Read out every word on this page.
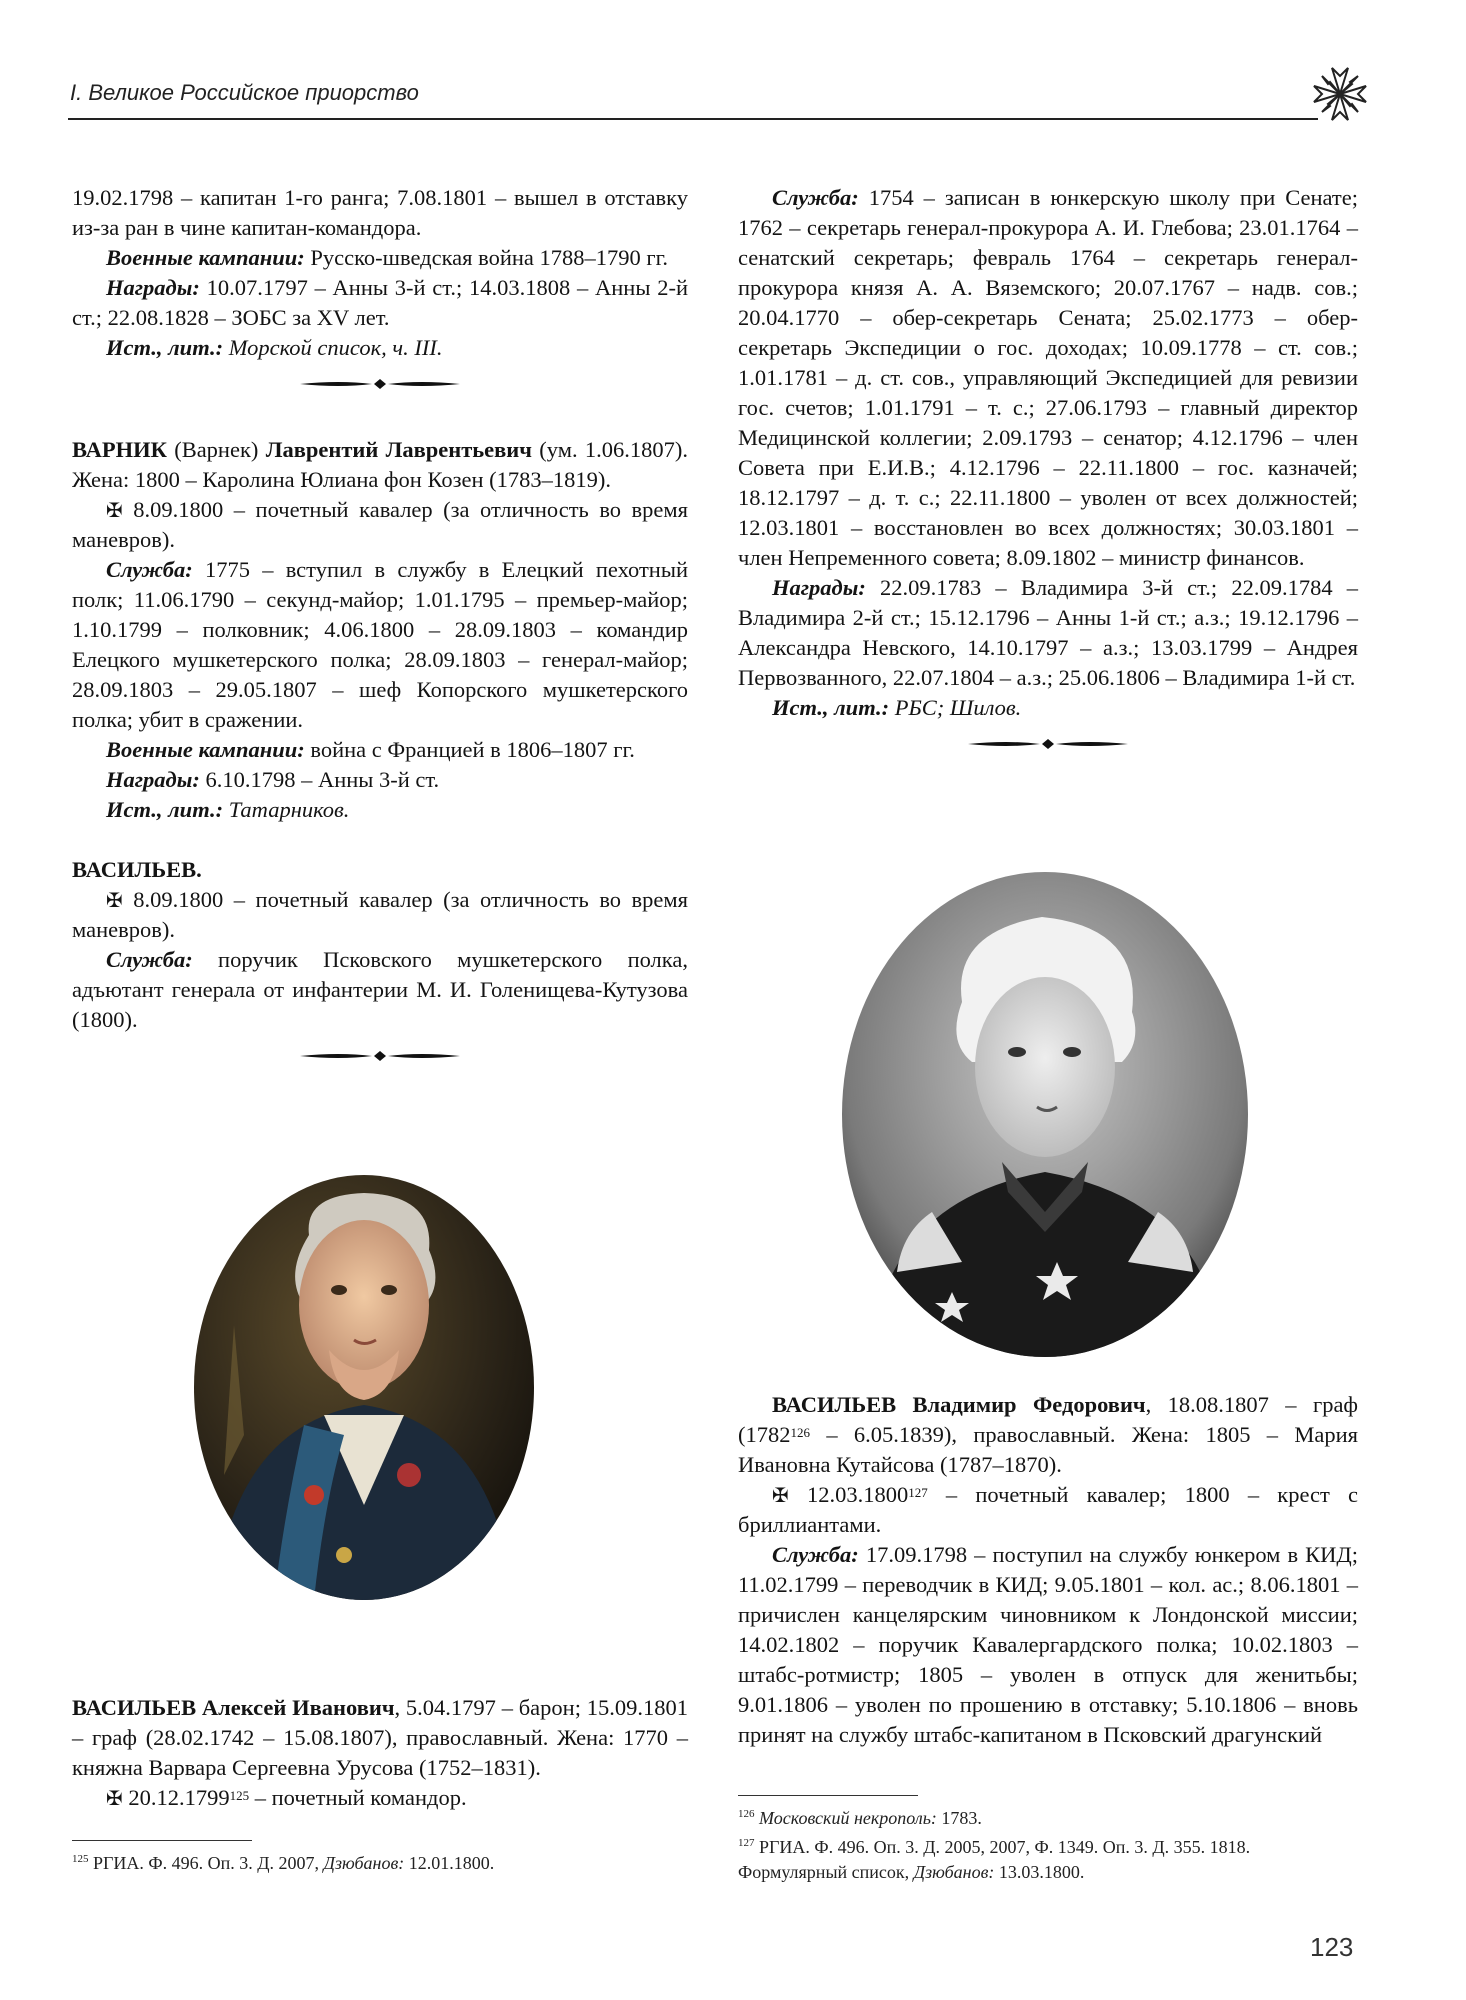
I. Великое Российское приорство

19.02.1798 – капитан 1-го ранга; 7.08.1801 – вышел в отставку из-за ран в чине капитан-командора.

Военные кампании: Русско-шведская война 1788–1790 гг.

Награды: 10.07.1797 – Анны 3-й ст.; 14.03.1808 – Анны 2-й ст.; 22.08.1828 – ЗОБС за XV лет.

Ист., лит.: Морской список, ч. III.

ВАРНИК (Варнек) Лаврентий Лаврентьевич (ум. 1.06.1807). Жена: 1800 – Каролина Юлиана фон Козен (1783–1819).

✠ 8.09.1800 – почетный кавалер (за отличность во время маневров).

Служба: 1775 – вступил в службу в Елецкий пехотный полк; 11.06.1790 – секунд-майор; 1.01.1795 – премьер-майор; 1.10.1799 – полковник; 4.06.1800 – 28.09.1803 – командир Елецкого мушкетерского полка; 28.09.1803 – генерал-майор; 28.09.1803 – 29.05.1807 – шеф Копорского мушкетерского полка; убит в сражении.

Военные кампании: война с Францией в 1806–1807 гг.

Награды: 6.10.1798 – Анны 3-й ст.

Ист., лит.: Татарников.

ВАСИЛЬЕВ.

✠ 8.09.1800 – почетный кавалер (за отличность во время маневров).

Служба: поручик Псковского мушкетерского полка, адъютант генерала от инфантерии М. И. Голенищева-Кутузова (1800).

ВАСИЛЬЕВ Алексей Иванович, 5.04.1797 – барон; 15.09.1801 – граф (28.02.1742 – 15.08.1807), православный. Жена: 1770 – княжна Варвара Сергеевна Урусова (1752–1831).

✠ 20.12.1799$^{125}$ – почетный командор.

$^{125}$ РГИА. Ф. 496. Оп. 3. Д. 2007, Дзюбанов: 12.01.1800.

Служба: 1754 – записан в юнкерскую школу при Сенате; 1762 – секретарь генерал-прокурора А. И. Глебова; 23.01.1764 – сенатский секретарь; февраль 1764 – секретарь генерал-прокурора князя А. А. Вяземского; 20.07.1767 – надв. сов.; 20.04.1770 – обер-секретарь Сената; 25.02.1773 – обер-секретарь Экспедиции о гос. доходах; 10.09.1778 – ст. сов.; 1.01.1781 – д. ст. сов., управляющий Экспедицией для ревизии гос. счетов; 1.01.1791 – т. с.; 27.06.1793 – главный директор Медицинской коллегии; 2.09.1793 – сенатор; 4.12.1796 – член Совета при Е.И.В.; 4.12.1796 – 22.11.1800 – гос. казначей; 18.12.1797 – д. т. с.; 22.11.1800 – уволен от всех должностей; 12.03.1801 – восстановлен во всех должностях; 30.03.1801 – член Непременного совета; 8.09.1802 – министр финансов.

Награды: 22.09.1783 – Владимира 3-й ст.; 22.09.1784 – Владимира 2-й ст.; 15.12.1796 – Анны 1-й ст.; а.з.; 19.12.1796 – Александра Невского, 14.10.1797 – а.з.; 13.03.1799 – Андрея Первозванного, 22.07.1804 – а.з.; 25.06.1806 – Владимира 1-й ст.

Ист., лит.: РБС; Шилов.

ВАСИЛЬЕВ Владимир Федорович, 18.08.1807 – граф (1782$^{126}$ – 6.05.1839), православный. Жена: 1805 – Мария Ивановна Кутайсова (1787–1870).

✠ 12.03.1800$^{127}$ – почетный кавалер; 1800 – крест с бриллиантами.

Служба: 17.09.1798 – поступил на службу юнкером в КИД; 11.02.1799 – переводчик в КИД; 9.05.1801 – кол. ас.; 8.06.1801 – причислен канцелярским чиновником к Лондонской миссии; 14.02.1802 – поручик Кавалергардского полка; 10.02.1803 – штабс-ротмистр; 1805 – уволен в отпуск для женитьбы; 9.01.1806 – уволен по прошению в отставку; 5.10.1806 – вновь принят на службу штабс-капитаном в Псковский драгунский

$^{126}$ Московский некрополь: 1783.

$^{127}$ РГИА. Ф. 496. Оп. 3. Д. 2005, 2007, Ф. 1349. Оп. 3. Д. 355. 1818. Формулярный список, Дзюбанов: 13.03.1800.

123
